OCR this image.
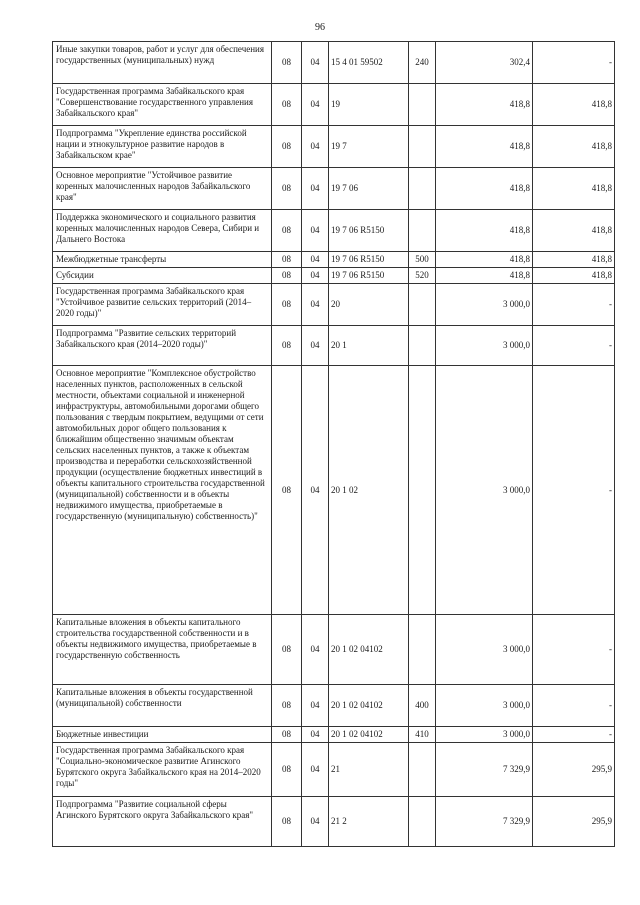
96
Иные закупки товаров, работ и услуг для обеспечения государственных (муниципальных) нужд	08	04	15 4 01 59502	240	302,4	-
Государственная программа Забайкальского края "Совершенствование государственного управления Забайкальского края"	08	04	19		418,8	418,8
Подпрограмма "Укрепление единства российской нации и этнокультурное развитие народов в Забайкальском крае"	08	04	19 7		418,8	418,8
Основное мероприятие "Устойчивое развитие коренных малочисленных народов Забайкальского края"	08	04	19 7 06		418,8	418,8
Поддержка экономического и социального развития коренных малочисленных народов Севера, Сибири и Дальнего Востока	08	04	19 7 06 R5150		418,8	418,8
Межбюджетные трансферты	08	04	19 7 06 R5150	500	418,8	418,8
Субсидии	08	04	19 7 06 R5150	520	418,8	418,8
Государственная программа Забайкальского края "Устойчивое развитие сельских территорий (2014–2020 годы)"	08	04	20		3 000,0	-
Подпрограмма "Развитие сельских территорий Забайкальского края (2014–2020 годы)"	08	04	20 1		3 000,0	-
Основное мероприятие "Комплексное обустройство населенных пунктов, расположенных в сельской местности, объектами социальной и инженерной инфраструктуры, автомобильными дорогами общего пользования с твердым покрытием, ведущими от сети автомобильных дорог общего пользования к ближайшим общественно значимым объектам сельских населенных пунктов, а также к объектам производства и переработки сельскохозяйственной продукции (осуществление бюджетных инвестиций в объекты капитального строительства государственной (муниципальной) собственности и в объекты недвижимого имущества, приобретаемые в государственную (муниципальную) собственность)"	08	04	20 1 02		3 000,0	-
Капитальные вложения в объекты капитального строительства государственной собственности и в объекты недвижимого имущества, приобретаемые в государственную собственность	08	04	20 1 02 04102		3 000,0	-
Капитальные вложения в объекты государственной (муниципальной) собственности	08	04	20 1 02 04102	400	3 000,0	-
Бюджетные инвестиции	08	04	20 1 02 04102	410	3 000,0	-
Государственная программа Забайкальского края "Социально-экономическое развитие Агинского Бурятского округа Забайкальского края на 2014–2020 годы"	08	04	21		7 329,9	295,9
Подпрограмма "Развитие социальной сферы Агинского Бурятского округа Забайкальского края"	08	04	21 2		7 329,9	295,9
